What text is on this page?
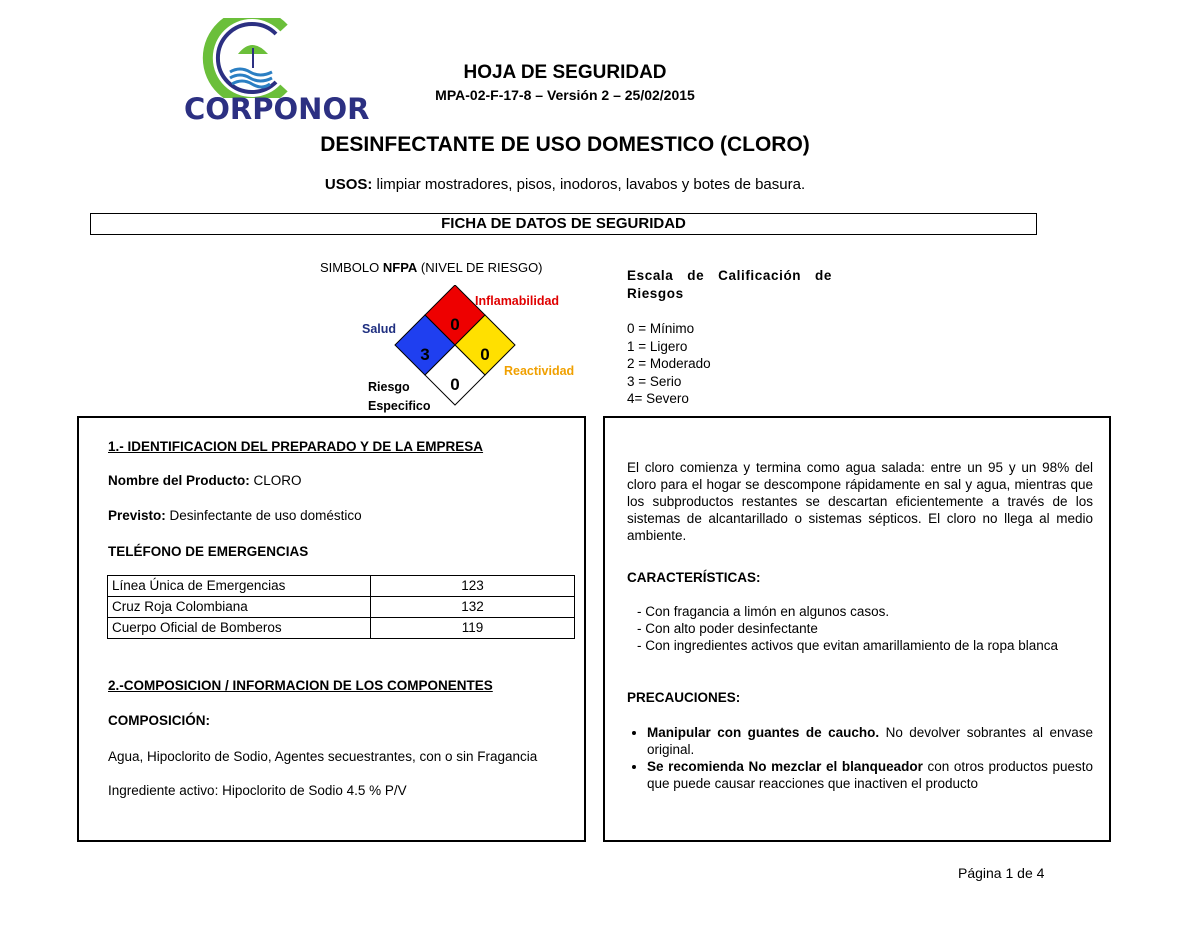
CORPONOR
HOJA DE SEGURIDAD
MPA-02-F-17-8 – Versión 2 – 25/02/2015
DESINFECTANTE DE USO DOMESTICO (CLORO)
USOS: limpiar mostradores, pisos, inodoros, lavabos y botes de basura.
FICHA DE DATOS DE SEGURIDAD
SIMBOLO NFPA (NIVEL DE RIESGO)
0
3	0
0
Inflamabilidad
Salud
Reactividad
Riesgo
Especifico
Escala de Calificación de Riesgos
0 = Mínimo
1 = Ligero
2 = Moderado
3 = Serio
4= Severo
1.- IDENTIFICACION DEL PREPARADO Y DE LA EMPRESA
Nombre del Producto: CLORO
Previsto: Desinfectante de uso doméstico
TELÉFONO DE EMERGENCIAS
Línea Única de Emergencias	123
Cruz Roja Colombiana	132
Cuerpo Oficial de Bomberos	119
2.-COMPOSICION / INFORMACION DE LOS COMPONENTES
COMPOSICIÓN:
Agua, Hipoclorito de Sodio, Agentes secuestrantes, con o sin Fragancia
Ingrediente activo: Hipoclorito de Sodio 4.5 % P/V
El cloro comienza y termina como agua salada: entre un 95 y un 98% del cloro para el hogar se descompone rápidamente en sal y agua, mientras que los subproductos restantes se descartan eficientemente a través de los sistemas de alcantarillado o sistemas sépticos. El cloro no llega al medio ambiente.
CARACTERÍSTICAS:
- Con fragancia a limón en algunos casos.
- Con alto poder desinfectante
- Con ingredientes activos que evitan amarillamiento de la ropa blanca
PRECAUCIONES:
• Manipular con guantes de caucho. No devolver sobrantes al envase original.
• Se recomienda No mezclar el blanqueador con otros productos puesto que puede causar reacciones que inactiven el producto
Página 1 de 4
